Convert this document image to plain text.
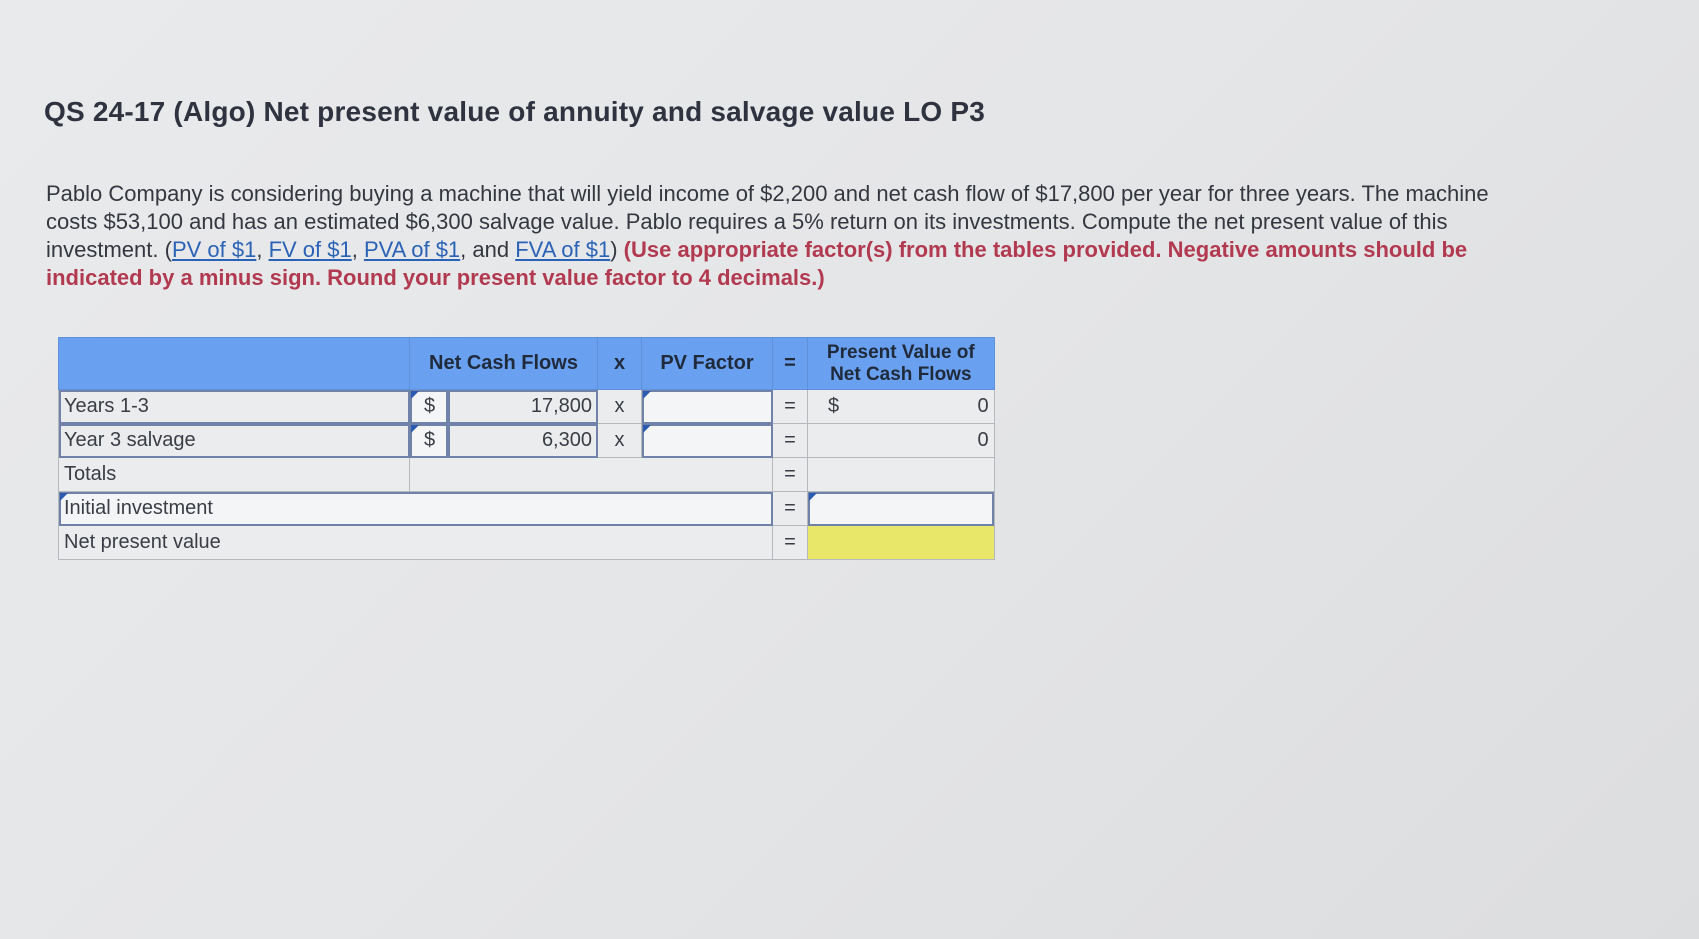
QS 24-17 (Algo) Net present value of annuity and salvage value LO P3
Pablo Company is considering buying a machine that will yield income of $2,200 and net cash flow of $17,800 per year for three years. The machine costs $53,100 and has an estimated $6,300 salvage value. Pablo requires a 5% return on its investments. Compute the net present value of this investment. (PV of $1, FV of $1, PVA of $1, and FVA of $1) (Use appropriate factor(s) from the tables provided. Negative amounts should be indicated by a minus sign. Round your present value factor to 4 decimals.)
	Net Cash Flows		x	PV Factor	=	Present Value of Net Cash Flows	
Years 1-3	$	17,800	x		=	$	0
Year 3 salvage	$	6,300	x		=		0
Totals					=		
Initial investment					=		
Net present value					=		
